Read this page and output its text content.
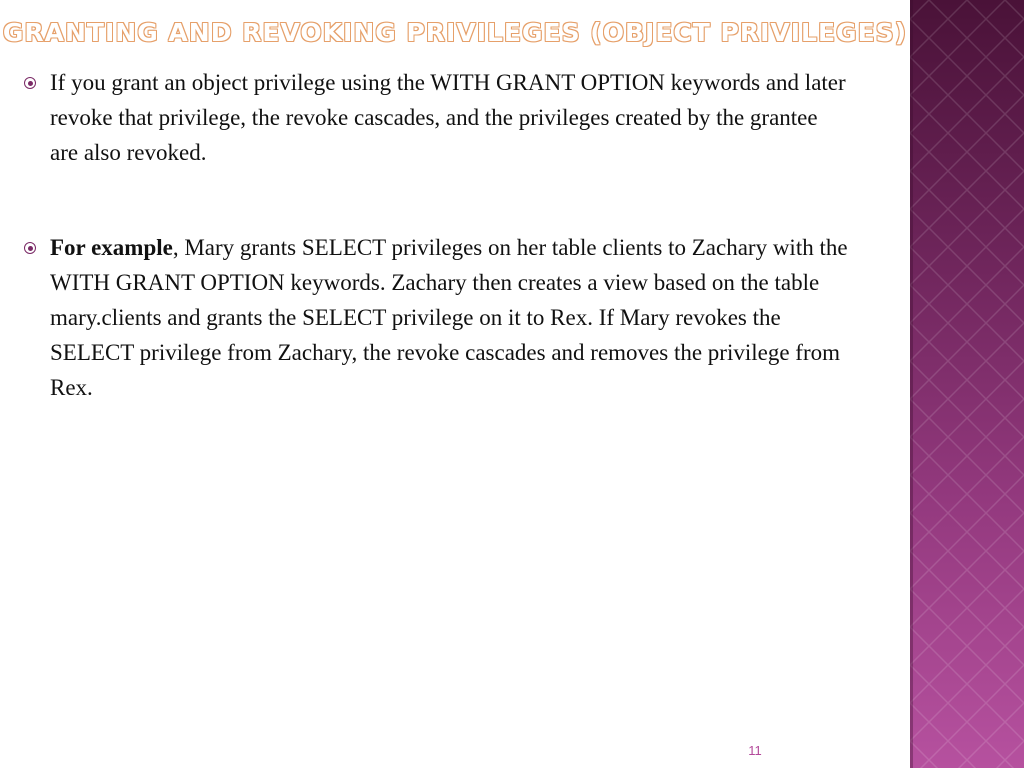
GRANTING AND REVOKING PRIVILEGES (OBJECT PRIVILEGES)
If you grant an object privilege using the WITH GRANT OPTION keywords and later revoke that privilege, the revoke cascades, and the privileges created by the grantee are also revoked.
For example, Mary grants SELECT privileges on her table clients to Zachary with the WITH GRANT OPTION keywords. Zachary then creates a view based on the table mary.clients and grants the SELECT privilege on it to Rex. If Mary revokes the SELECT privilege from Zachary, the revoke cascades and removes the privilege from Rex.
11
